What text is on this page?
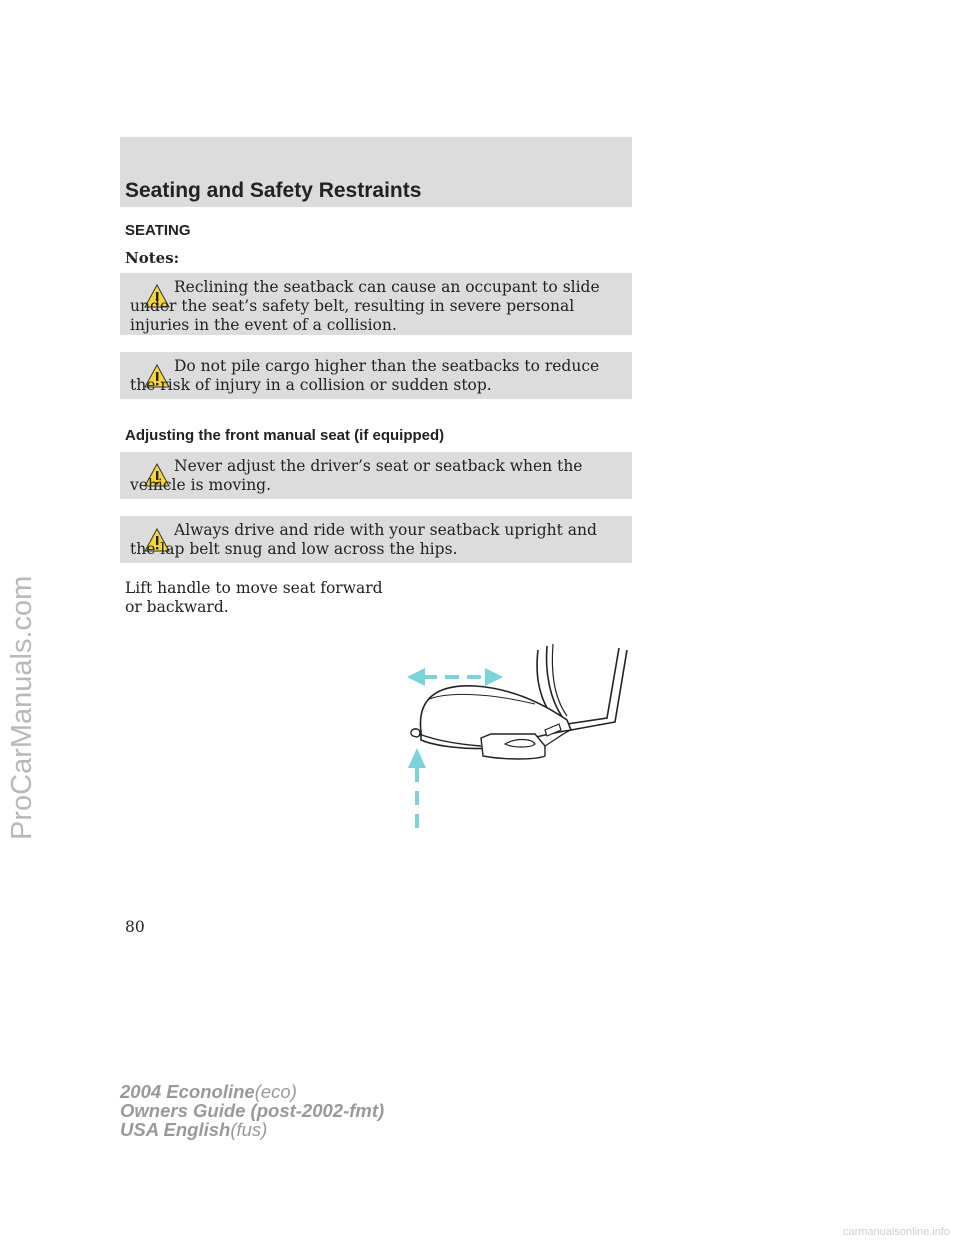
ProCarManuals.com
Seating and Safety Restraints
SEATING
Notes:
Reclining the seatback can cause an occupant to slide under the seat’s safety belt, resulting in severe personal injuries in the event of a collision.
Do not pile cargo higher than the seatbacks to reduce the risk of injury in a collision or sudden stop.
Adjusting the front manual seat (if equipped)
Never adjust the driver’s seat or seatback when the vehicle is moving.
Always drive and ride with your seatback upright and the lap belt snug and low across the hips.
Lift handle to move seat forward or backward.
80
2004 Econoline(eco)
Owners Guide (post-2002-fmt)
USA English(fus)
carmanualsonline.info
